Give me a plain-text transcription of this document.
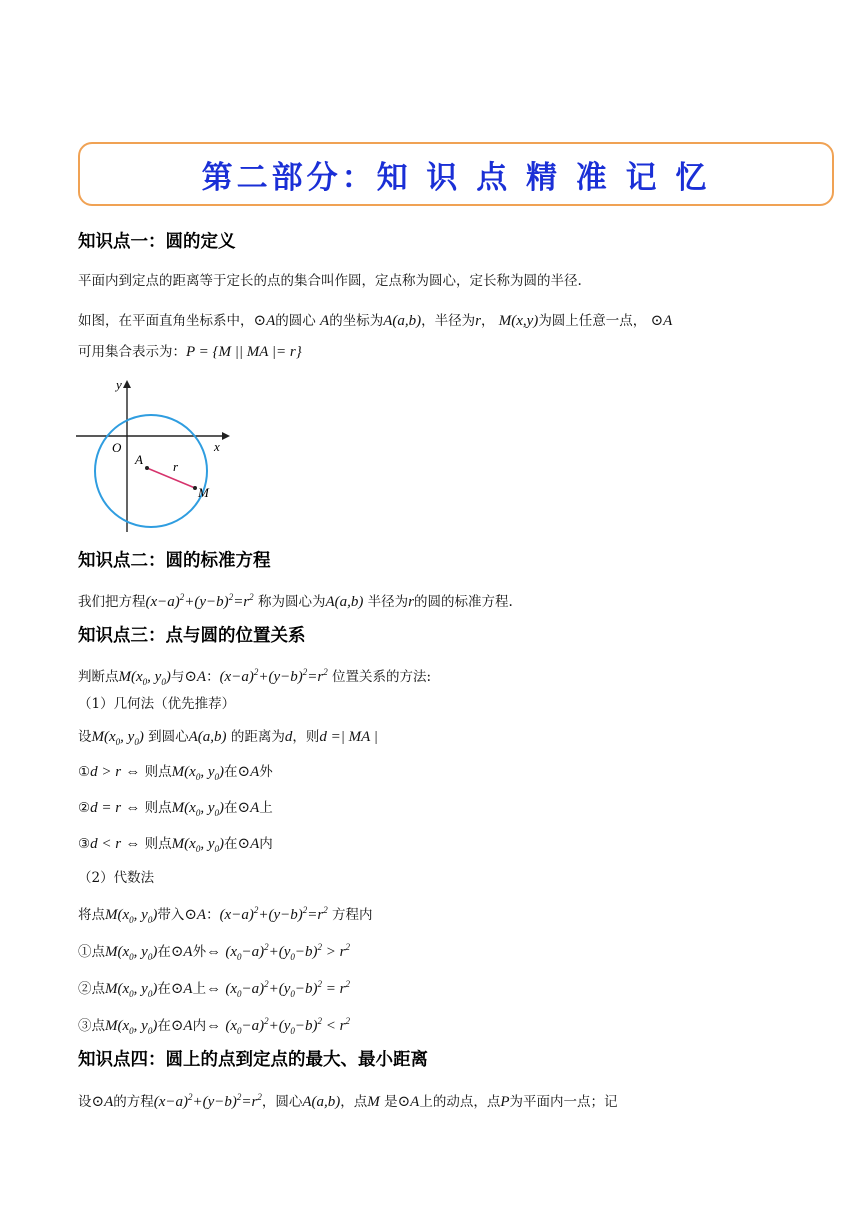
第二部分：知 识 点 精 准 记 忆
知识点一：圆的定义
平面内到定点的距离等于定长的点的集合叫作圆，定点称为圆心，定长称为圆的半径.
如图，在平面直角坐标系中，⊙A的圆心 A的坐标为A(a,b)，半径为r， M(x,y)为圆上任意一点， ⊙A
可用集合表示为：P = {M || MA |= r}
y
x
O
A r
M
知识点二：圆的标准方程
我们把方程$(x-a)^2+(y-b)^2=r^2$ 称为圆心为A(a,b) 半径为r的圆的标准方程.
知识点三：点与圆的位置关系
判断点$M(x_0$, $y_0$)与⊙A：$(x-a)^2+(y-b)^2=r^2$ 位置关系的方法:
（1）几何法（优先推荐）
设$M(x_0$, $y_0$) 到圆心A(a,b) 的距离为d，则d =| MA |
①d > r ⇔ 则点$M(x_0$, $y_0$)在⊙A外
②d = r ⇔ 则点$M(x_0$, $y_0$)在⊙A上
③d < r ⇔ 则点$M(x_0$, $y_0$)在⊙A内
（2）代数法
将点$M(x_0$, $y_0$)带入⊙A：$(x-a)^2+(y-b)^2=r^2$ 方程内
①点$M(x_0$, $y_0$)在⊙A外⇔ $(x_0-a)^2+(y_0-b)^2 > r^2$
②点$M(x_0$, $y_0$)在⊙A上⇔ $(x_0-a)^2+(y_0-b)^2 = r^2$
③点$M(x_0$, $y_0$)在⊙A内⇔ $(x_0-a)^2+(y_0-b)^2 < r^2$
知识点四：圆上的点到定点的最大、最小距离
设⊙A的方程$(x-a)^2+(y-b)^2=r^2$，圆心A(a,b)，点M 是⊙A上的动点，点P为平面内一点；记
